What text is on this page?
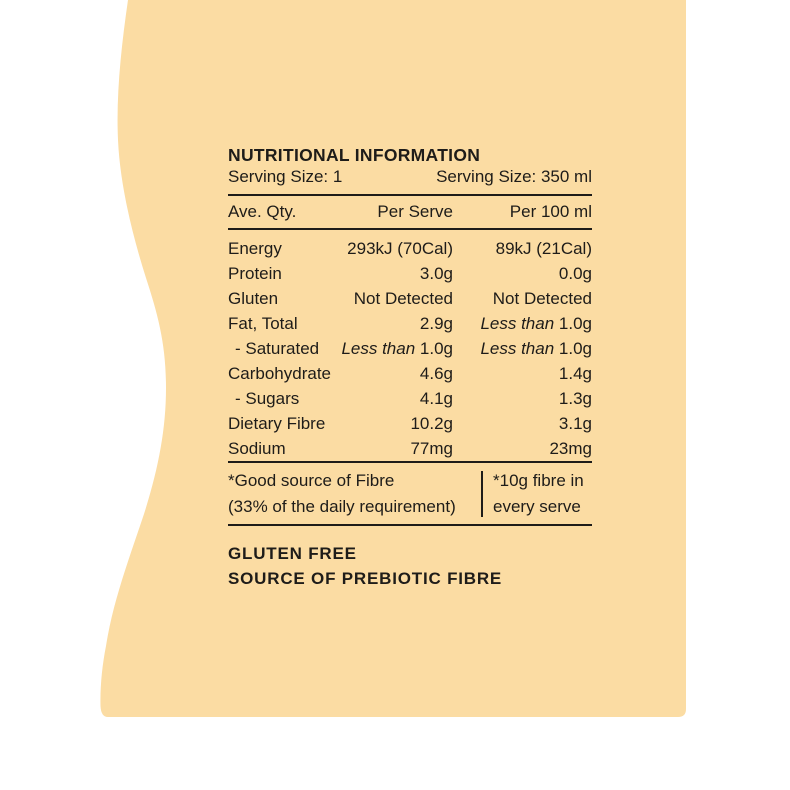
NUTRITIONAL INFORMATION
Serving Size: 1	Serving Size: 350 ml
Ave. Qty.	Per Serve	Per 100 ml
Energy	293kJ (70Cal)	89kJ (21Cal)
Protein	3.0g	0.0g
Gluten	Not Detected	Not Detected
Fat, Total	2.9g	Less than 1.0g
- Saturated	Less than 1.0g	Less than 1.0g
Carbohydrate	4.6g	1.4g
- Sugars	4.1g	1.3g
Dietary Fibre	10.2g	3.1g
Sodium	77mg	23mg
*Good source of Fibre
(33% of the daily requirement)
*10g fibre in
every serve
GLUTEN FREE
SOURCE OF PREBIOTIC FIBRE
